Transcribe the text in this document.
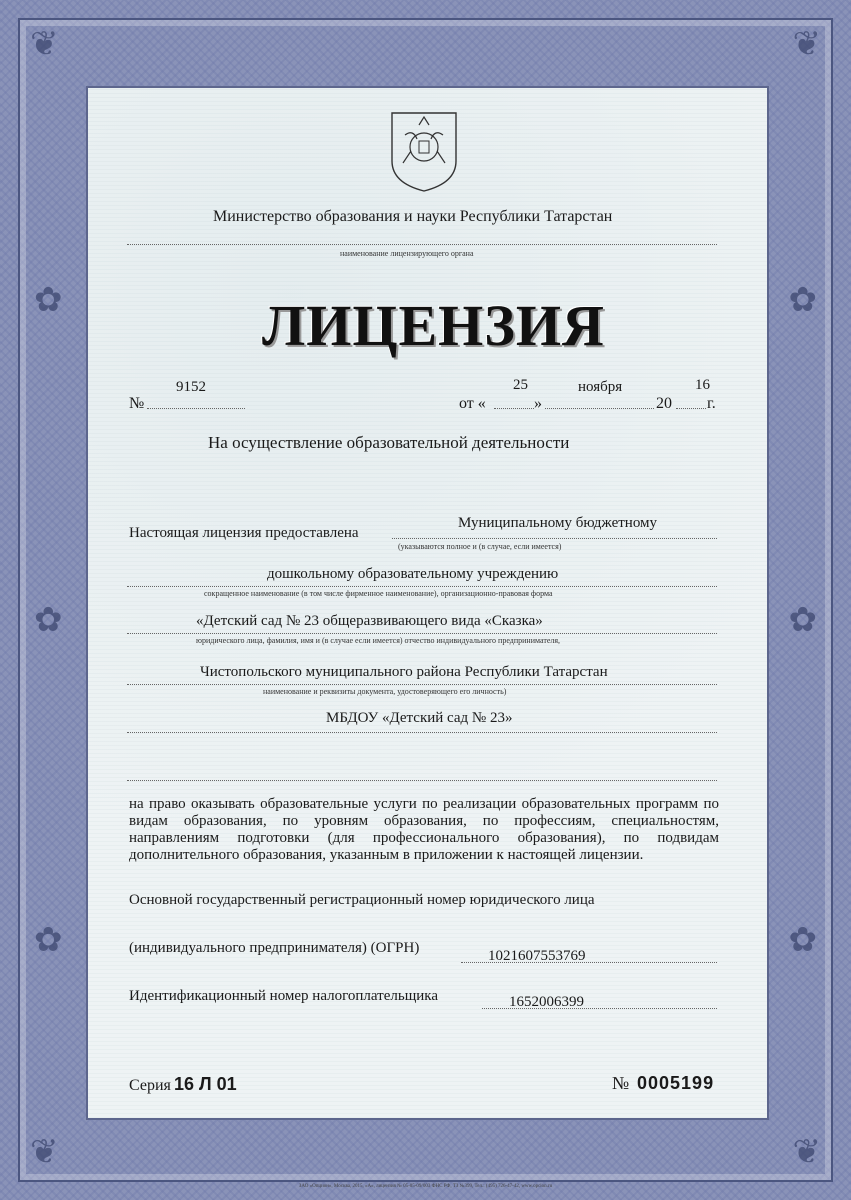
❦	❦
❦	❦
✿
✿
✿
✿
✿
✿
Министерство образования и науки Республики Татарстан
наименование лицензирующего органа
ЛИЦЕНЗИЯ
№
9152
от «
25
»
ноября
20
16
г.
На осуществление образовательной деятельности
Настоящая лицензия предоставлена
Муниципальному бюджетному
(указываются полное и (в случае, если имеется)
дошкольному образовательному учреждению
сокращенное наименование (в том числе фирменное наименование), организационно-правовая форма
«Детский сад № 23 общеразвивающего вида «Сказка»
юридического лица, фамилия, имя и (в случае если имеется) отчество индивидуального предпринимателя,
Чистопольского муниципального района Республики Татарстан
наименование и реквизиты документа, удостоверяющего его личность)
МБДОУ «Детский сад № 23»
на право оказывать образовательные услуги по реализации образовательных программ по видам образования, по уровням образования, по профессиям, специальностям, направлениям подготовки (для профессионального образования), по подвидам дополнительного образования, указанным в приложении к настоящей лицензии.
Основной государственный регистрационный номер юридического лица
(индивидуального предпринимателя) (ОГРН)	1021607553769
Идентификационный номер налогоплательщика	1652006399
Серия 16 Л 01	№ 0005199
ЗАО «Опцион», Москва, 2015, «А», лицензия № 05-05-09/003 ФНС РФ, ТЗ №399, Тел.: (495) 726-47-42, www.opcion.ru
